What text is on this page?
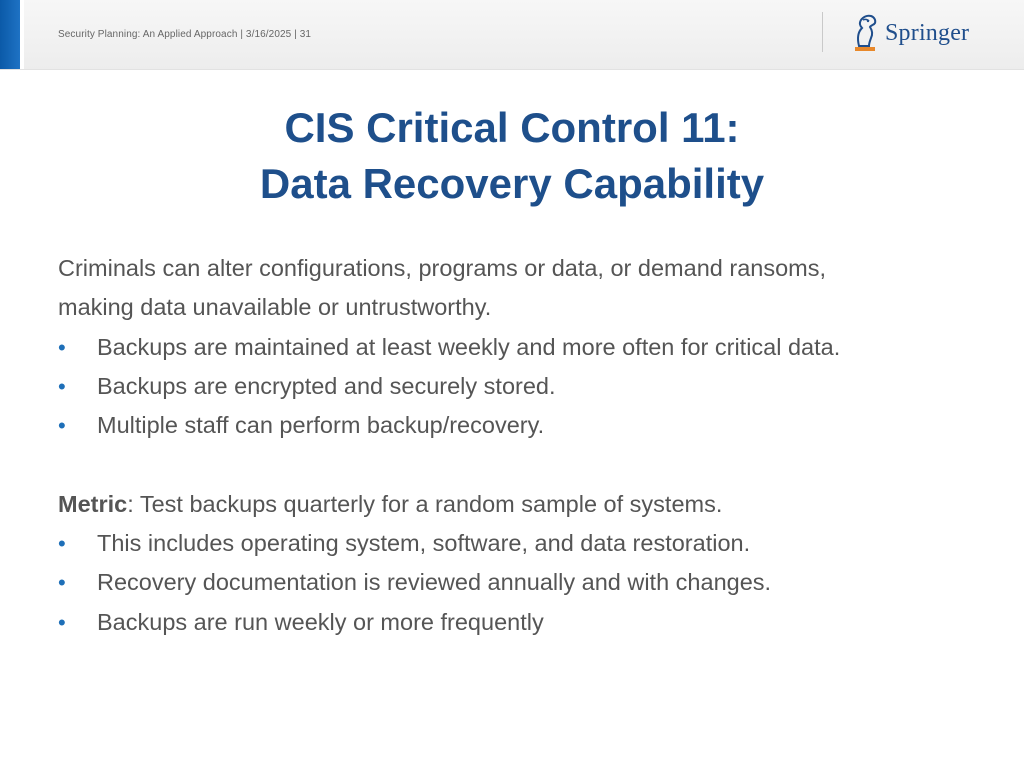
Security Planning: An Applied Approach | 3/16/2025 | 31	Springer
CIS Critical Control 11:
Data Recovery Capability
Criminals can alter configurations, programs or data, or demand ransoms,
making data unavailable or untrustworthy.
• Backups are maintained at least weekly and more often for critical data.
• Backups are encrypted and securely stored.
• Multiple staff can perform backup/recovery.
Metric: Test backups quarterly for a random sample of systems.
• This includes operating system, software, and data restoration.
• Recovery documentation is reviewed annually and with changes.
• Backups are run weekly or more frequently
